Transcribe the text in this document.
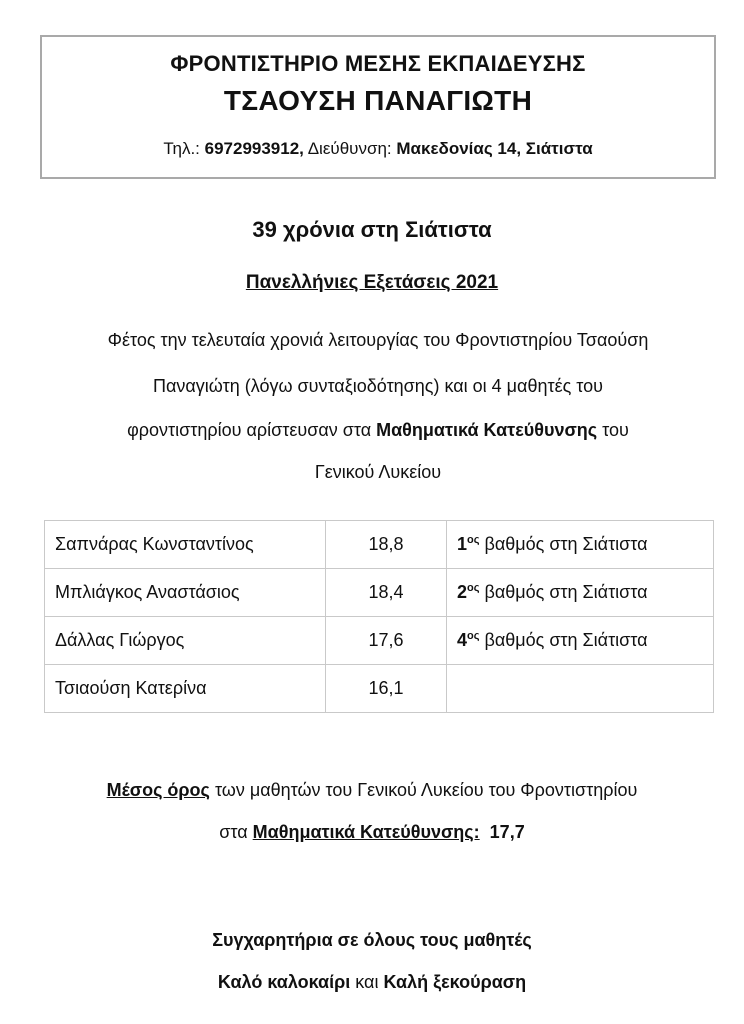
ΦΡΟΝΤΙΣΤΗΡΙΟ ΜΕΣΗΣ ΕΚΠΑΙΔΕΥΣΗΣ
ΤΣΑΟΥΣΗ ΠΑΝΑΓΙΩΤΗ
Τηλ.: 6972993912, Διεύθυνση: Μακεδονίας 14, Σιάτιστα
39 χρόνια στη Σιάτιστα
Πανελλήνιες Εξετάσεις 2021
Φέτος την τελευταία χρονιά λειτουργίας του Φροντιστηρίου Τσαούση
Παναγιώτη (λόγω συνταξιοδότησης) και οι 4 μαθητές του
φροντιστηρίου αρίστευσαν στα Μαθηματικά Κατεύθυνσης του
Γενικού Λυκείου
Σαπνάρας Κωνσταντίνος	18,8	$1^{o\varsigma}$ βαθμός στη Σιάτιστα
Μπλιάγκος Αναστάσιος	18,4	$2^{o\varsigma}$ βαθμός στη Σιάτιστα
Δάλλας Γιώργος	17,6	$4^{o\varsigma}$ βαθμός στη Σιάτιστα
Τσιαούση Κατερίνα	16,1	
Μέσος όρος των μαθητών του Γενικού Λυκείου του Φροντιστηρίου
στα Μαθηματικά Κατεύθυνσης: 17,7
Συγχαρητήρια σε όλους τους μαθητές
Καλό καλοκαίρι και Καλή ξεκούραση
